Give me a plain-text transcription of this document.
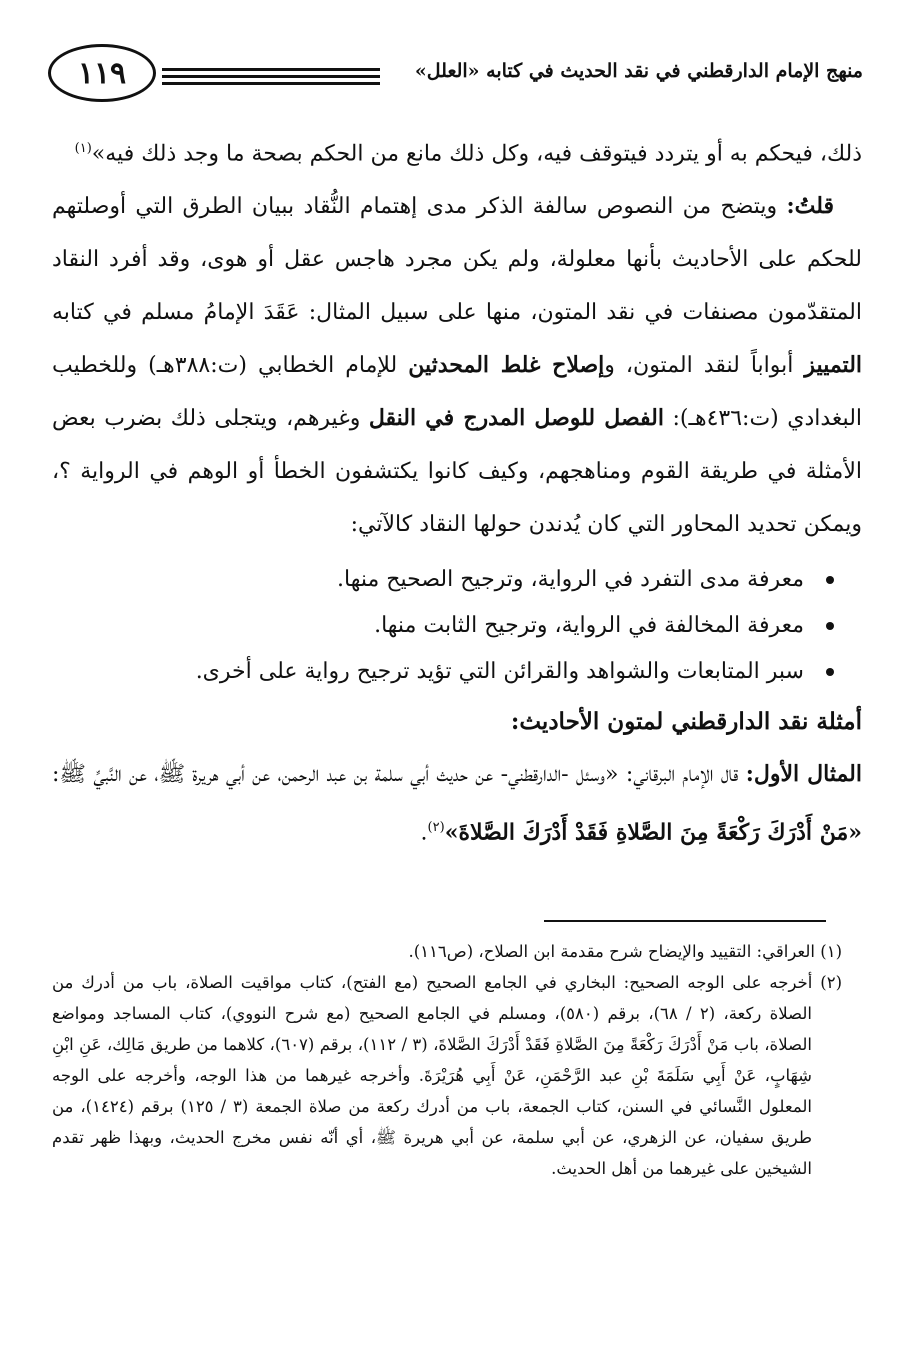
١١٩	منهج الإمام الدارقطني في نقد الحديث في كتابه «العلل»

ذلك، فيحكم به أو يتردد فيتوقف فيه، وكل ذلك مانع من الحكم بصحة ما وجد ذلك فيه»$^{(١)}$

قلتُ: ويتضح من النصوص سالفة الذكر مدى إهتمام النُّقاد ببيان الطرق التي أوصلتهم للحكم على الأحاديث بأنها معلولة، ولم يكن مجرد هاجس عقل أو هوى، وقد أفرد النقاد المتقدّمون مصنفات في نقد المتون، منها على سبيل المثال: عَقَدَ الإمامُ مسلم في كتابه التمييز أبواباً لنقد المتون، وإصلاح غلط المحدثين للإمام الخطابي (ت:٣٨٨هـ) وللخطيب البغدادي (ت:٤٣٦هـ): الفصل للوصل المدرج في النقل وغيرهم، ويتجلى ذلك بضرب بعض الأمثلة في طريقة القوم ومناهجهم، وكيف كانوا يكتشفون الخطأ أو الوهم في الرواية ؟، ويمكن تحديد المحاور التي كان يُدندن حولها النقاد كالآتي:

معرفة مدى التفرد في الرواية، وترجيح الصحيح منها.
معرفة المخالفة في الرواية، وترجيح الثابت منها.
سبر المتابعات والشواهد والقرائن التي تؤيد ترجيح رواية على أخرى.

أمثلة نقد الدارقطني لمتون الأحاديث:

المثال الأول: قال الإمام البرقاني: «وسئل -الدارقطني- عن حديث أبي سلمة بن عبد الرحمن، عن أبي هريرة ﷺ، عن النَّبيِّ ﷺ: «مَنْ أَدْرَكَ رَكْعَةً مِنَ الصَّلاةِ فَقَدْ أَدْرَكَ الصَّلاةَ»$^{(٢)}$.

(١) العراقي: التقييد والإيضاح شرح مقدمة ابن الصلاح، (ص١١٦).

(٢) أخرجه على الوجه الصحيح: البخاري في الجامع الصحيح (مع الفتح)، كتاب مواقيت الصلاة، باب من أدرك من الصلاة ركعة، (٢ / ٦٨)، برقم (٥٨٠)، ومسلم في الجامع الصحيح (مع شرح النووي)، كتاب المساجد ومواضع الصلاة، باب مَنْ أَدْرَكَ رَكْعَةً مِنَ الصَّلاةِ فَقَدْ أَدْرَكَ الصَّلاةَ، (٣ / ١١٢)، برقم (٦٠٧)، كلاهما من طريق مَالِك، عَنِ ابْنِ شِهَابٍ، عَنْ أَبِي سَلَمَةَ بْنِ عبد الرَّحْمَنِ، عَنْ أَبِي هُرَيْرَةَ. وأخرجه غيرهما من هذا الوجه، وأخرجه على الوجه المعلول النَّسائي في السنن، كتاب الجمعة، باب من أدرك ركعة من صلاة الجمعة (٣ / ١٢٥) برقم (١٤٢٤)، من طريق سفيان، عن الزهري، عن أبي سلمة، عن أبي هريرة ﷺ، أي أنّه نفس مخرج الحديث، وبهذا ظهر تقدم الشيخين على غيرهما من أهل الحديث.
